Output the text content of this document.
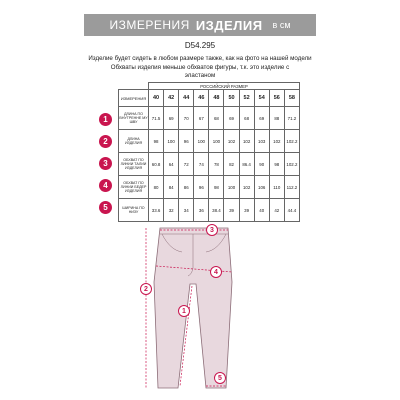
ИЗМЕРЕНИЯ ИЗДЕЛИЯ в см
D54.295
Изделие будет сидеть в любом размере также, как на фото на нашей модели
Обхваты изделия меньше обхватов фигуры, т.к. это изделие с
эластаном
	РОССИЙСКИЙ РАЗМЕР									
ИЗМЕРЕНИЯ	40	42	44	46	48	50	52	54	56	58
ДЛИНА ПО ВНУТРЕННЕ МУ ШВУ	71.5	69	70	67	68	69	68	69	88	71.2
ДЛИНА ИЗДЕЛИЯ	98	100	96	100	100	102	102	103	102	102.2
ОБХВАТ ПО ЛИНИИ ТАЛИИ ИЗДЕЛИЯ	60.8	64	72	74	78	82	86.4	90	98	102.2
ОБХВАТ ПО ЛИНИИ БЕДЕР ИЗДЕЛИЯ	80	84	86	96	98	100	102	106	110	112.2
ШИРИНА ПО НИЗУ	33.6	32	34	36	38.4	39	39	40	42	44.4
1
2
3
4
5
1
2
3
4
5
